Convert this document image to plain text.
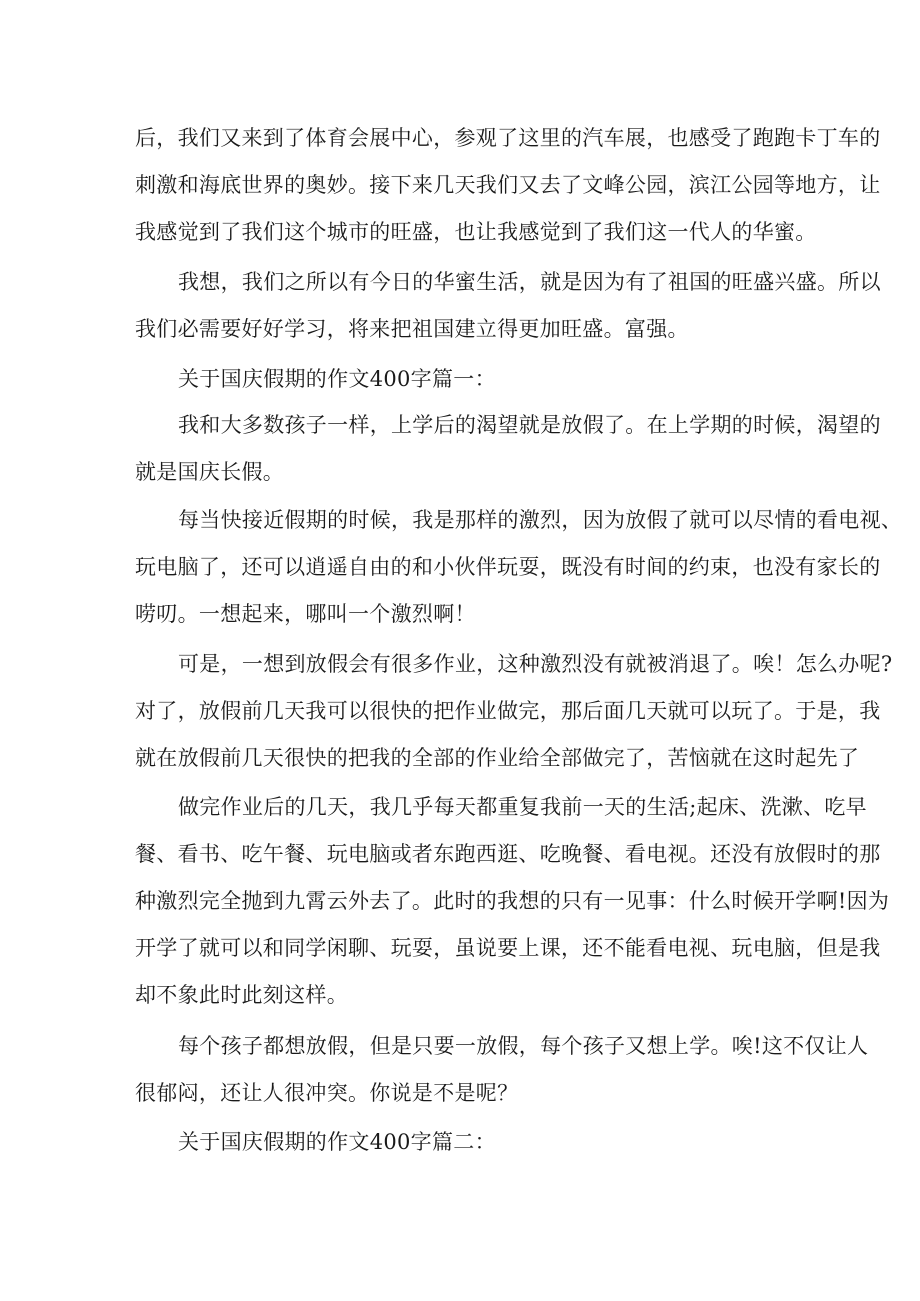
后，我们又来到了体育会展中心，参观了这里的汽车展，也感受了跑跑卡丁车的
刺激和海底世界的奥妙。接下来几天我们又去了文峰公园，滨江公园等地方，让
我感觉到了我们这个城市的旺盛，也让我感觉到了我们这一代人的华蜜。

我想，我们之所以有今日的华蜜生活，就是因为有了祖国的旺盛兴盛。所以
我们必需要好好学习，将来把祖国建立得更加旺盛。富强。

关于国庆假期的作文400字篇一：

我和大多数孩子一样，上学后的渴望就是放假了。在上学期的时候，渴望的
就是国庆长假。

每当快接近假期的时候，我是那样的激烈，因为放假了就可以尽情的看电视、
玩电脑了，还可以逍遥自由的和小伙伴玩耍，既没有时间的约束，也没有家长的
唠叨。一想起来，哪叫一个激烈啊！

可是，一想到放假会有很多作业，这种激烈没有就被消退了。唉！怎么办呢?
对了，放假前几天我可以很快的把作业做完，那后面几天就可以玩了。于是，我
就在放假前几天很快的把我的全部的作业给全部做完了，苦恼就在这时起先了

做完作业后的几天，我几乎每天都重复我前一天的生活;起床、洗漱、吃早
餐、看书、吃午餐、玩电脑或者东跑西逛、吃晚餐、看电视。还没有放假时的那
种激烈完全抛到九霄云外去了。此时的我想的只有一见事：什么时候开学啊!因为
开学了就可以和同学闲聊、玩耍，虽说要上课，还不能看电视、玩电脑，但是我
却不象此时此刻这样。

每个孩子都想放假，但是只要一放假，每个孩子又想上学。唉!这不仅让人
很郁闷，还让人很冲突。你说是不是呢？

关于国庆假期的作文400字篇二：
